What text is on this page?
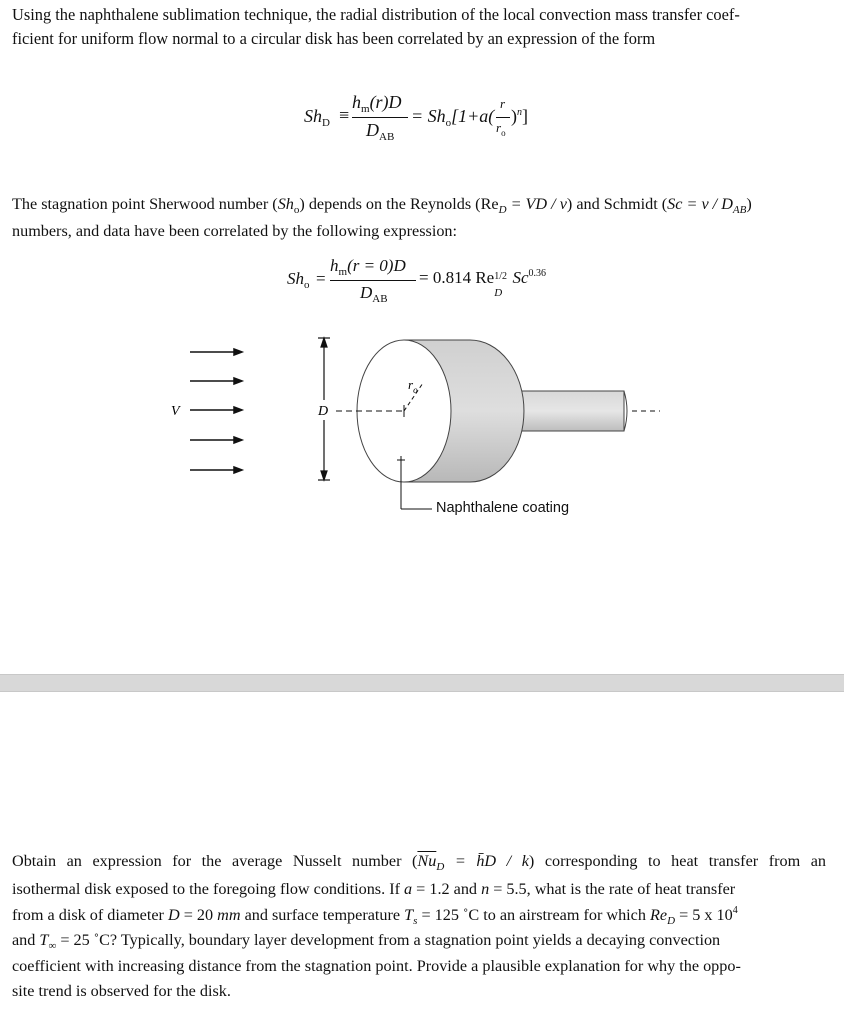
Using the naphthalene sublimation technique, the radial distribution of the local convection mass transfer coef-
ficient for uniform flow normal to a circular disk has been correlated by an expression of the form
$Sh_D$ ≡
$h_m(r)D$
$D_{AB}$
= $Sh_o[1+a$(
r
$r_o$
)$^n$]
The stagnation point Sherwood number $(Sh_o)$ depends on the Reynolds ($Re_D$ = VD / ν) and Schmidt $(Sc = \nu / D_{AB})$
numbers, and data have been correlated by the following expression:
$Sh_o$ =
$h_m(r = 0)D$
$D_{AB}$
= 0.814 Re 1/2
D
$Sc^{0.36}$
V	D
$r_o$
Naphthalene coating
Obtain an expression for the average Nusselt number ($\overline{Nu}_D$ = h̄D / k) corresponding to heat transfer from an
isothermal disk exposed to the foregoing flow conditions. If a = 1.2 and n = 5.5, what is the rate of heat transfer
from a disk of diameter D = 20 mm and surface temperature $T_s = 125$ ˚C to an airstream for which $Re_D = 5$ x $10^4$
and $T_\infty = 25$ ˚C? Typically, boundary layer development from a stagnation point yields a decaying convection
coefficient with increasing distance from the stagnation point. Provide a plausible explanation for why the oppo-
site trend is observed for the disk.
